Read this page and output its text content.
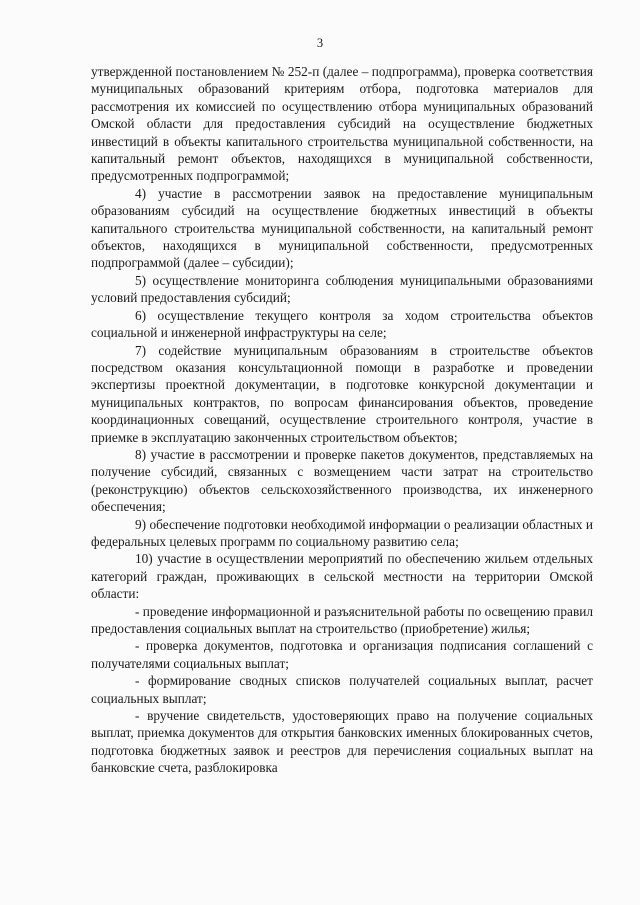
3

утвержденной постановлением № 252-п (далее – подпрограмма), проверка соответствия муниципальных образований критериям отбора, подготовка материалов для рассмотрения их комиссией по осуществлению отбора муниципальных образований Омской области для предоставления субсидий на осуществление бюджетных инвестиций в объекты капитального строительства муниципальной собственности, на капитальный ремонт объектов, находящихся в муниципальной собственности, предусмотренных подпрограммой;

4) участие в рассмотрении заявок на предоставление муниципальным образованиям субсидий на осуществление бюджетных инвестиций в объекты капитального строительства муниципальной собственности, на капитальный ремонт объектов, находящихся в муниципальной собственности, предусмотренных подпрограммой (далее – субсидии);

5) осуществление мониторинга соблюдения муниципальными образованиями условий предоставления субсидий;

6) осуществление текущего контроля за ходом строительства объектов социальной и инженерной инфраструктуры на селе;

7) содействие муниципальным образованиям в строительстве объектов посредством оказания консультационной помощи в разработке и проведении экспертизы проектной документации, в подготовке конкурсной документации и муниципальных контрактов, по вопросам финансирования объектов, проведение координационных совещаний, осуществление строительного контроля, участие в приемке в эксплуатацию законченных строительством объектов;

8) участие в рассмотрении и проверке пакетов документов, представляемых на получение субсидий, связанных с возмещением части затрат на строительство (реконструкцию) объектов сельскохозяйственного производства, их инженерного обеспечения;

9) обеспечение подготовки необходимой информации о реализации областных и федеральных целевых программ по социальному развитию села;

10) участие в осуществлении мероприятий по обеспечению жильем отдельных категорий граждан, проживающих в сельской местности на территории Омской области:

- проведение информационной и разъяснительной работы по освещению правил предоставления социальных выплат на строительство (приобретение) жилья;

- проверка документов, подготовка и организация подписания соглашений с получателями социальных выплат;

- формирование сводных списков получателей социальных выплат, расчет социальных выплат;

- вручение свидетельств, удостоверяющих право на получение социальных выплат, приемка документов для открытия банковских именных блокированных счетов, подготовка бюджетных заявок и реестров для перечисления социальных выплат на банковские счета, разблокировка
